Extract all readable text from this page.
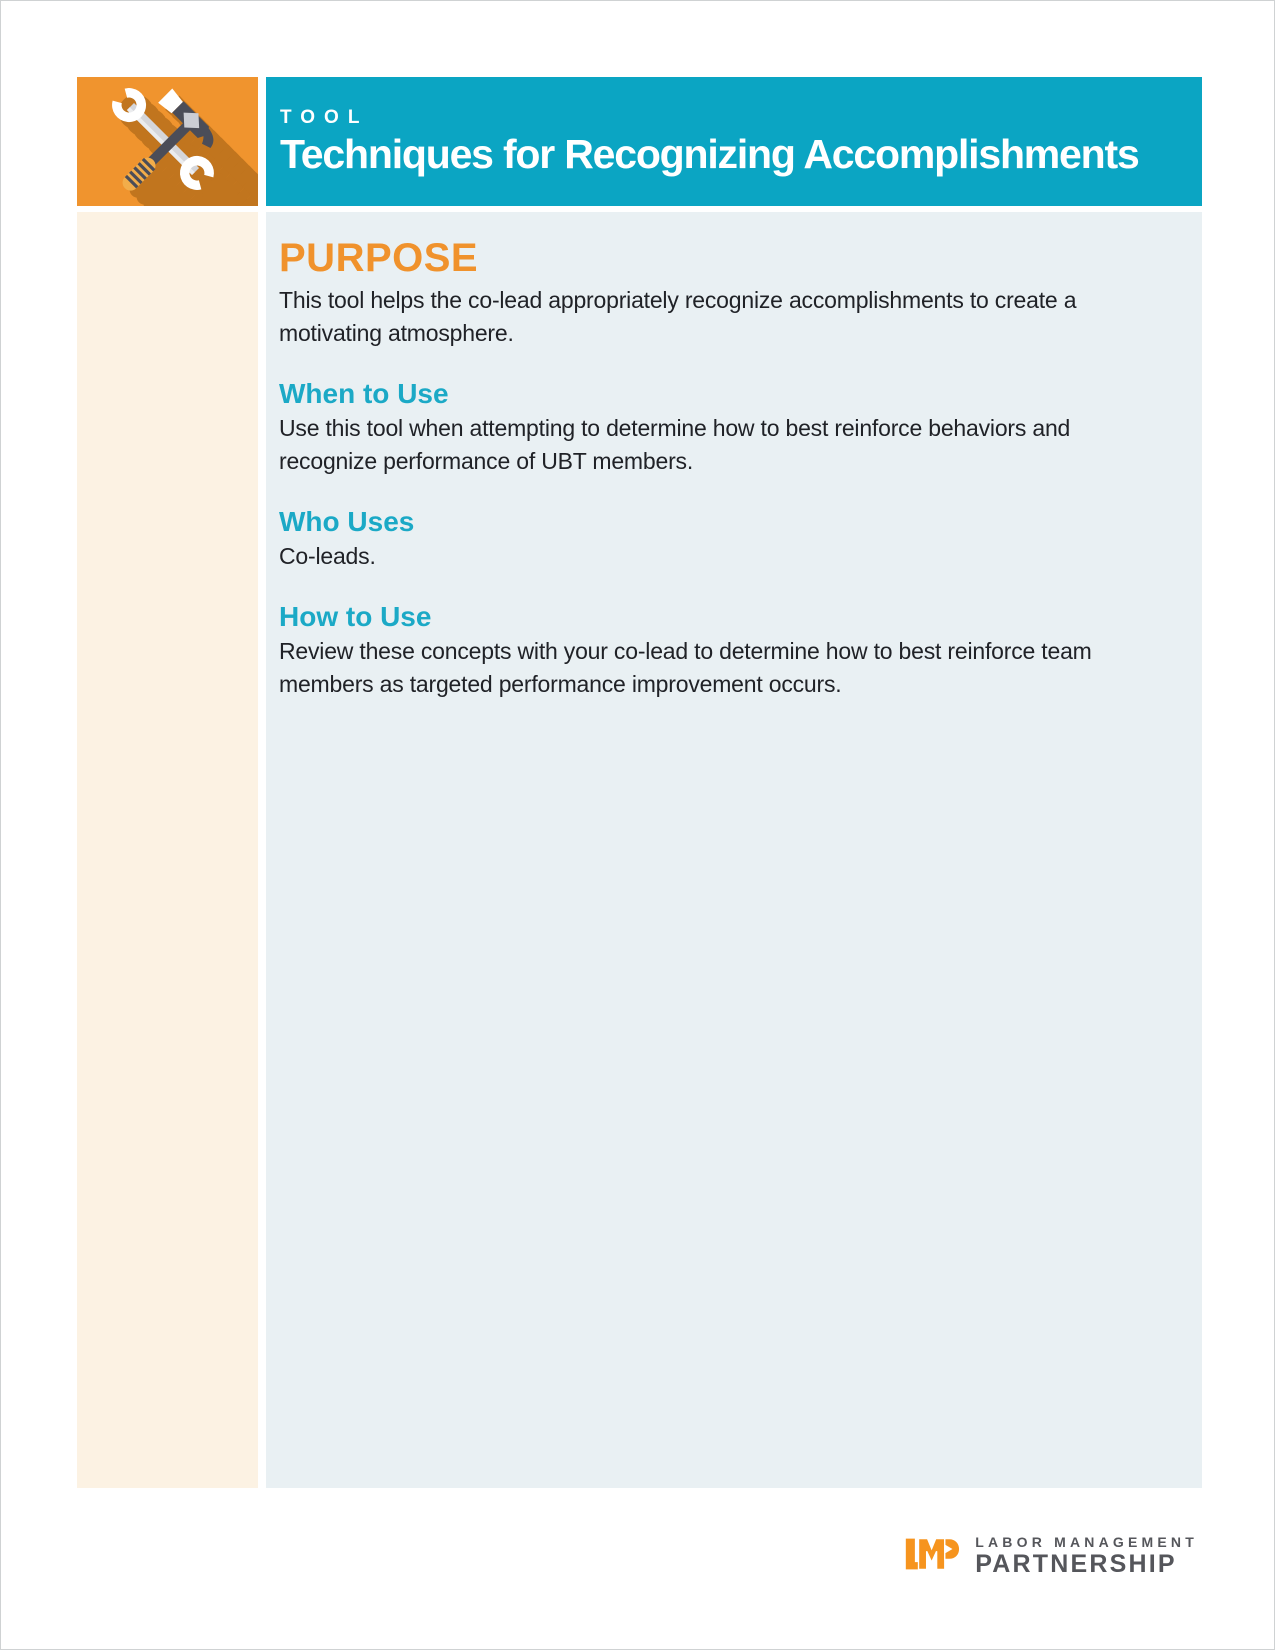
TOOL
Techniques for Recognizing Accomplishments
PURPOSE
This tool helps the co-lead appropriately recognize accomplishments to create a
motivating atmosphere.
When to Use
Use this tool when attempting to determine how to best reinforce behaviors and
recognize performance of UBT members.
Who Uses
Co-leads.
How to Use
Review these concepts with your co-lead to determine how to best reinforce team
members as targeted performance improvement occurs.
LABOR MANAGEMENT
PARTNERSHIP
